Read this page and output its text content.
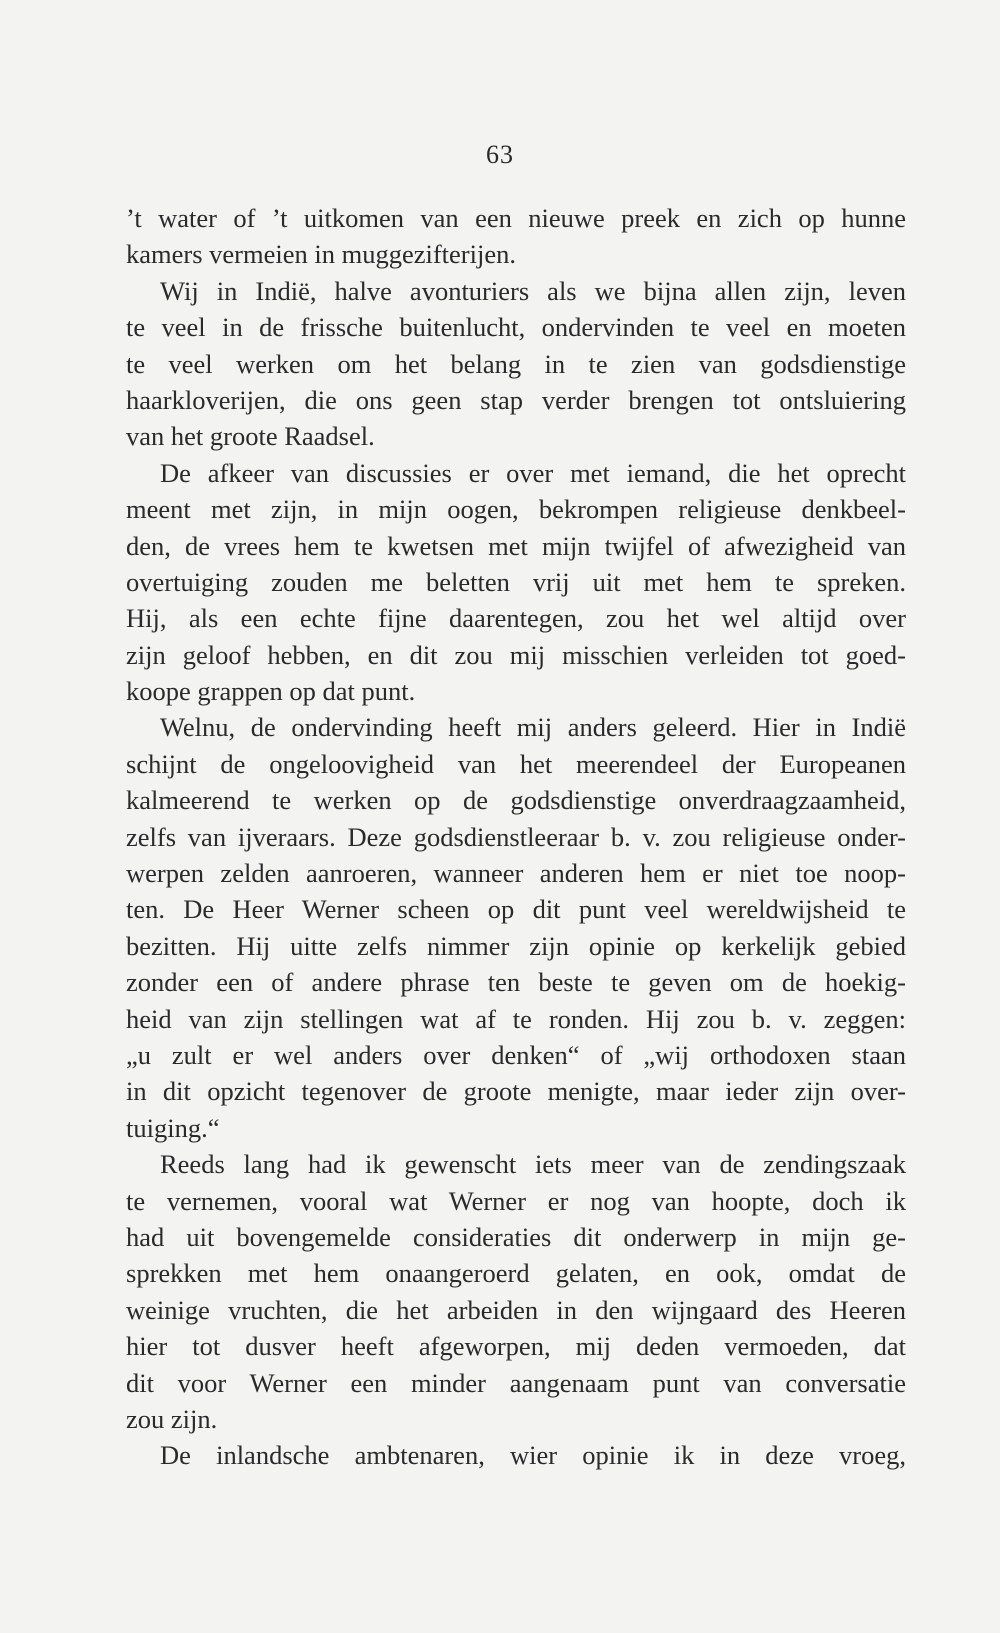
63
’t water of ’t uitkomen van een nieuwe preek en zich op hunne
kamers vermeien in muggezifterijen.
Wij in Indië, halve avonturiers als we bijna allen zijn, leven
te veel in de frissche buitenlucht, ondervinden te veel en moeten
te veel werken om het belang in te zien van godsdienstige
haarkloverijen, die ons geen stap verder brengen tot ontsluiering
van het groote Raadsel.
De afkeer van discussies er over met iemand, die het oprecht
meent met zijn, in mijn oogen, bekrompen religieuse denkbeel-
den, de vrees hem te kwetsen met mijn twijfel of afwezigheid van
overtuiging zouden me beletten vrij uit met hem te spreken.
Hij, als een echte fijne daarentegen, zou het wel altijd over
zijn geloof hebben, en dit zou mij misschien verleiden tot goed-
koope grappen op dat punt.
Welnu, de ondervinding heeft mij anders geleerd. Hier in Indië
schijnt de ongeloovigheid van het meerendeel der Europeanen
kalmeerend te werken op de godsdienstige onverdraagzaamheid,
zelfs van ijveraars. Deze godsdienstleeraar b. v. zou religieuse onder-
werpen zelden aanroeren, wanneer anderen hem er niet toe noop-
ten. De Heer Werner scheen op dit punt veel wereldwijsheid te
bezitten. Hij uitte zelfs nimmer zijn opinie op kerkelijk gebied
zonder een of andere phrase ten beste te geven om de hoekig-
heid van zijn stellingen wat af te ronden. Hij zou b. v. zeggen:
„u zult er wel anders over denken“ of „wij orthodoxen staan
in dit opzicht tegenover de groote menigte, maar ieder zijn over-
tuiging.“
Reeds lang had ik gewenscht iets meer van de zendingszaak
te vernemen, vooral wat Werner er nog van hoopte, doch ik
had uit bovengemelde consideraties dit onderwerp in mijn ge-
sprekken met hem onaangeroerd gelaten, en ook, omdat de
weinige vruchten, die het arbeiden in den wijngaard des Heeren
hier tot dusver heeft afgeworpen, mij deden vermoeden, dat
dit voor Werner een minder aangenaam punt van conversatie
zou zijn.
De inlandsche ambtenaren, wier opinie ik in deze vroeg,
